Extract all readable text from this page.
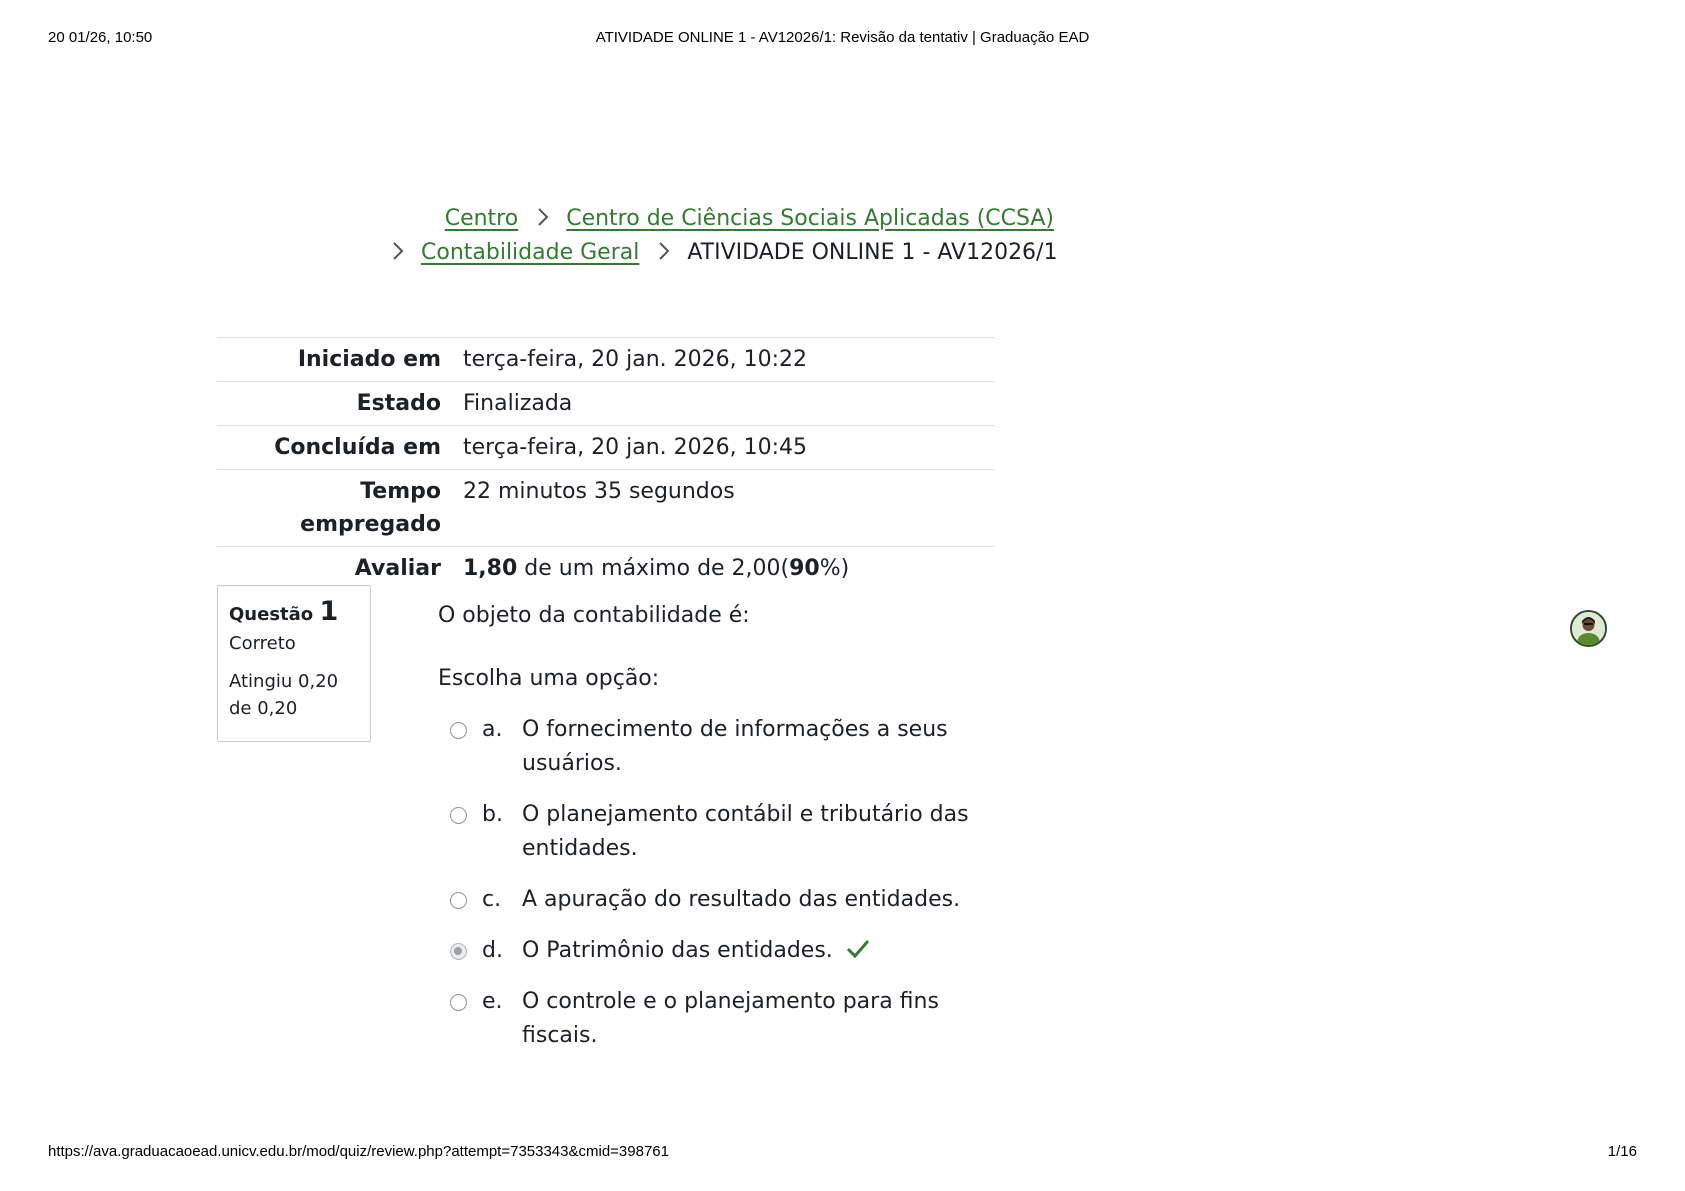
20 01/26, 10:50	ATIVIDADE ONLINE 1 - AV12026/1: Revisão da tentativ | Graduação EAD
Centro Centro de Ciências Sociais Aplicadas (CCSA)
Contabilidade Geral ATIVIDADE ONLINE 1 - AV12026/1
Iniciado em	terça-feira, 20 jan. 2026, 10:22
Estado	Finalizada
Concluída em	terça-feira, 20 jan. 2026, 10:45
Tempo
empregado	22 minutos 35 segundos
Avaliar	1,80 de um máximo de 2,00(90%)
Questão 1
Correto
Atingiu 0,20 de 0,20
O objeto da contabilidade é:
Escolha uma opção:
a. O fornecimento de informações a seus usuários.
b. O planejamento contábil e tributário das entidades.
c. A apuração do resultado das entidades.
d. O Patrimônio das entidades.
e. O controle e o planejamento para fins fiscais.
https://ava.graduacaoead.unicv.edu.br/mod/quiz/review.php?attempt=7353343&cmid=398761	1/16
